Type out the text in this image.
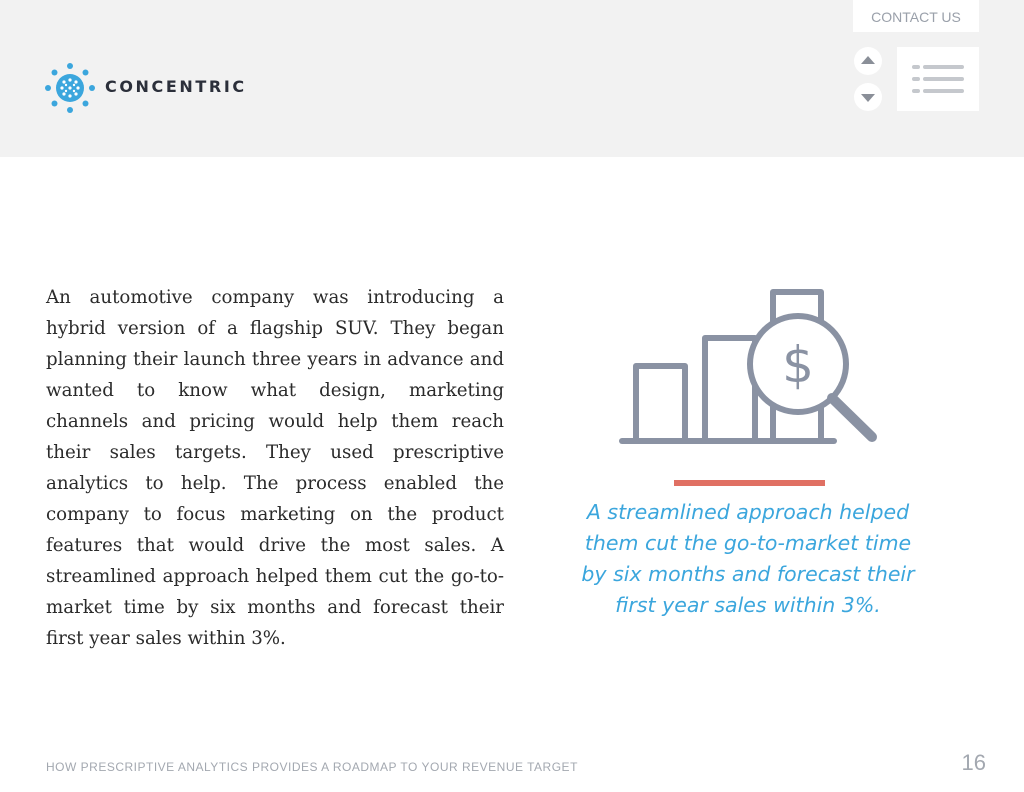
CONCENTRIC
CONTACT US

An automotive company was introducing a hybrid version of a flagship SUV. They began planning their launch three years in advance and wanted to know what design, marketing channels and pricing would help them reach their sales targets. They used prescriptive analytics to help. The process enabled the company to focus marketing on the product features that would drive the most sales. A streamlined approach helped them cut the go-to-market time by six months and forecast their first year sales within 3%.

$

A streamlined approach helped them cut the go-to-market time by six months and forecast their first year sales within 3%.

HOW PRESCRIPTIVE ANALYTICS PROVIDES A ROADMAP TO YOUR REVENUE TARGET	16
